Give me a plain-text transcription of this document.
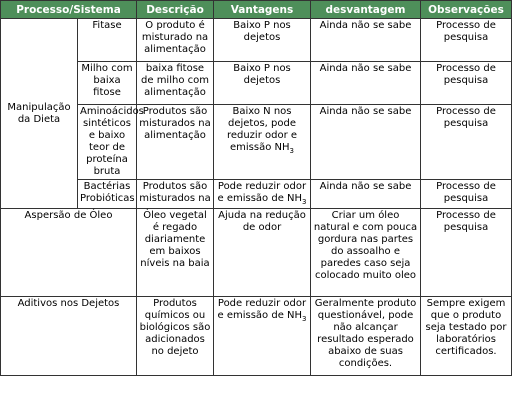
Processo/Sistema		Descrição	Vantagens	desvantagem	Observações
Manipulação da Dieta	Fitase	O produto é misturado na alimentação	Baixo P nos dejetos	Ainda não se sabe	Processo de pesquisa
	Milho com baixa fitose	baixa fitose de milho com alimentação	Baixo P nos dejetos	Ainda não se sabe	Processo de pesquisa
	Aminoácidos sintéticos e baixo teor de proteína bruta	Produtos são misturados na alimentação	Baixo N nos dejetos, pode reduzir odor e emissão $NH_3$	Ainda não se sabe	Processo de pesquisa
	Bactérias Probióticas	Produtos são misturados na	Pode reduzir odor e emissão de $NH_3$	Ainda não se sabe	Processo de pesquisa
Aspersão de Óleo		Óleo vegetal é regado diariamente em baixos níveis na baia	Ajuda na redução de odor	Criar um óleo natural e com pouca gordura nas partes do assoalho e paredes caso seja colocado muito oleo	Processo de pesquisa
Aditivos nos Dejetos		Produtos químicos ou biológicos são adicionados no dejeto	Pode reduzir odor e emissão de $NH_3$	Geralmente produto questionável, pode não alcançar resultado esperado abaixo de suas condições.	Sempre exigem que o produto seja testado por laboratórios certificados.
